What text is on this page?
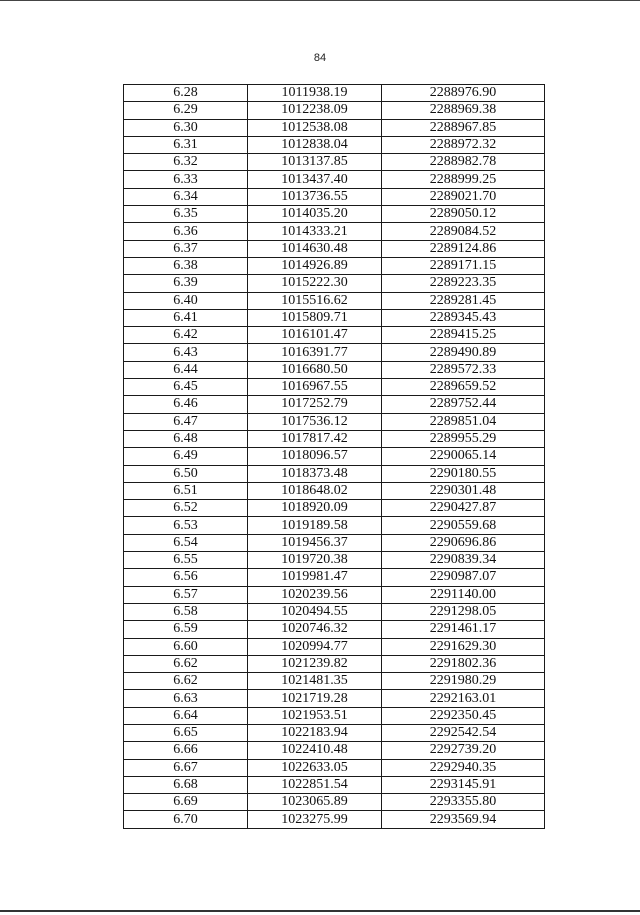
84
6.28	1011938.19	2288976.90
6.29	1012238.09	2288969.38
6.30	1012538.08	2288967.85
6.31	1012838.04	2288972.32
6.32	1013137.85	2288982.78
6.33	1013437.40	2288999.25
6.34	1013736.55	2289021.70
6.35	1014035.20	2289050.12
6.36	1014333.21	2289084.52
6.37	1014630.48	2289124.86
6.38	1014926.89	2289171.15
6.39	1015222.30	2289223.35
6.40	1015516.62	2289281.45
6.41	1015809.71	2289345.43
6.42	1016101.47	2289415.25
6.43	1016391.77	2289490.89
6.44	1016680.50	2289572.33
6.45	1016967.55	2289659.52
6.46	1017252.79	2289752.44
6.47	1017536.12	2289851.04
6.48	1017817.42	2289955.29
6.49	1018096.57	2290065.14
6.50	1018373.48	2290180.55
6.51	1018648.02	2290301.48
6.52	1018920.09	2290427.87
6.53	1019189.58	2290559.68
6.54	1019456.37	2290696.86
6.55	1019720.38	2290839.34
6.56	1019981.47	2290987.07
6.57	1020239.56	2291140.00
6.58	1020494.55	2291298.05
6.59	1020746.32	2291461.17
6.60	1020994.77	2291629.30
6.62	1021239.82	2291802.36
6.62	1021481.35	2291980.29
6.63	1021719.28	2292163.01
6.64	1021953.51	2292350.45
6.65	1022183.94	2292542.54
6.66	1022410.48	2292739.20
6.67	1022633.05	2292940.35
6.68	1022851.54	2293145.91
6.69	1023065.89	2293355.80
6.70	1023275.99	2293569.94
